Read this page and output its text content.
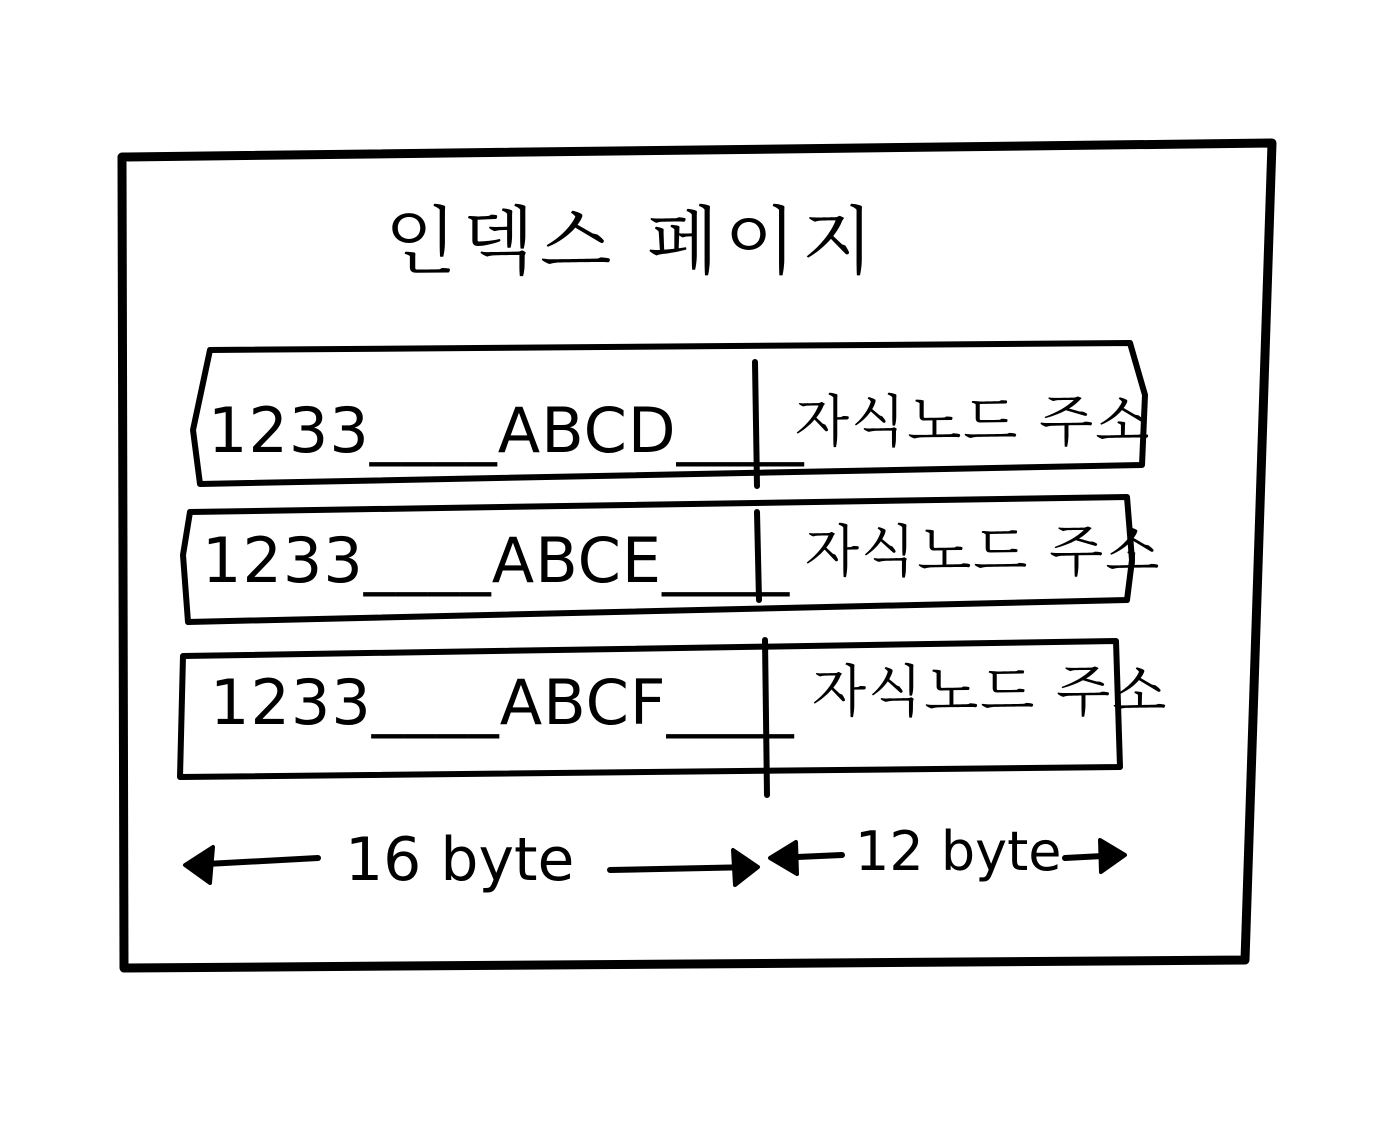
인덱스 페이지
1233____ABCD____
자식노드 주소
1233____ABCE____ 자식노드 주소
1233____ABCF____ 자식노드 주소
16 byte	12 byte
